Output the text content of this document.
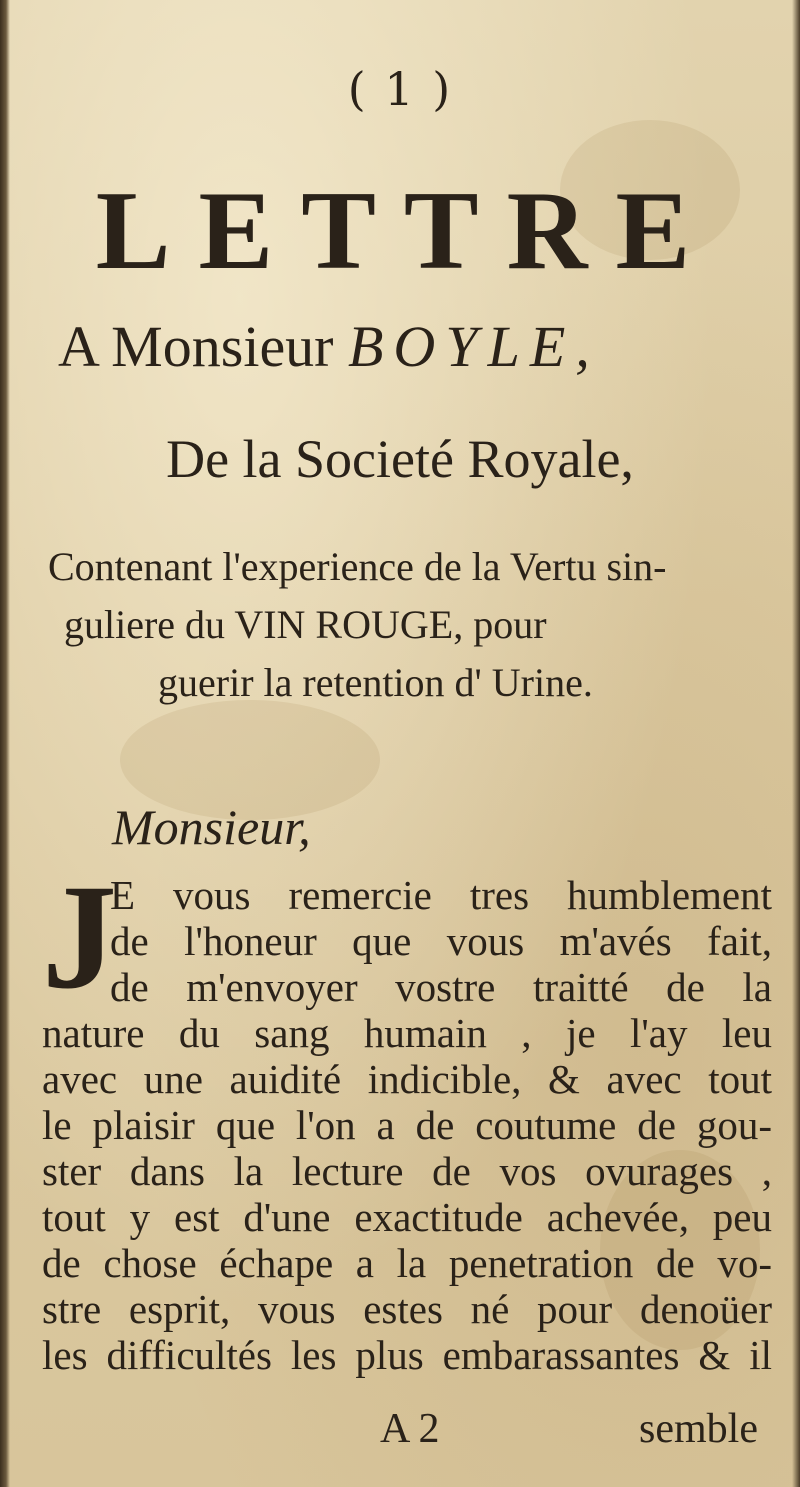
( 1 )
LETTRE
A Monsieur BOYLE,
De la Societé Royale,
Contenant l'experience de la Vertu sin-
guliere du VIN ROUGE, pour
guerir la retention d' Urine.
Monsieur,
J
E vous remercie tres humblement
de l'honeur que vous m'avés fait,
de m'envoyer vostre traitté de la
nature du sang humain , je l'ay leu
avec une auidité indicible, & avec tout
le plaisir que l'on a de coutume de gou-
ster dans la lecture de vos ovurages ,
tout y est d'une exactitude achevée, peu
de chose échape a la penetration de vo-
stre esprit, vous estes né pour denoüer
les difficultés les plus embarassantes & il
A 2	semble
